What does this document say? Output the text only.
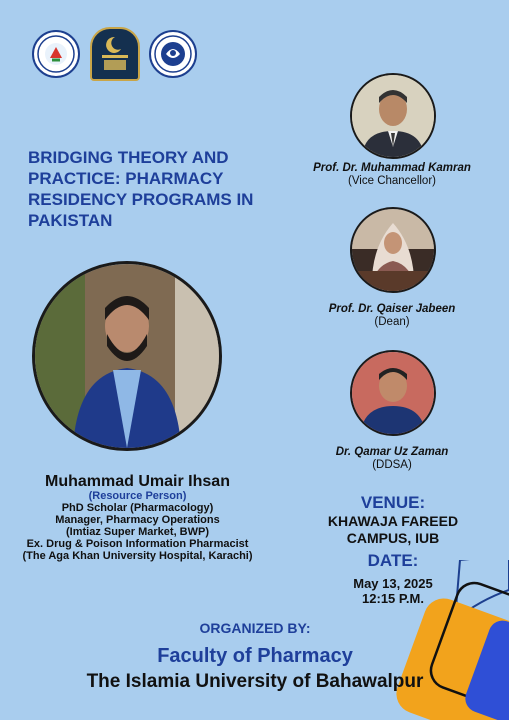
BRIDGING THEORY AND PRACTICE: PHARMACY RESIDENCY PROGRAMS IN PAKISTAN
Prof. Dr. Muhammad Kamran
(Vice Chancellor)
Prof. Dr. Qaiser Jabeen
(Dean)
Dr. Qamar Uz Zaman
(DDSA)
Muhammad Umair Ihsan
(Resource Person)
PhD Scholar (Pharmacology)
Manager, Pharmacy Operations
(Imtiaz Super Market, BWP)
Ex. Drug & Poison Information Pharmacist
(The Aga Khan University Hospital, Karachi)
VENUE:
KHAWAJA FAREED
CAMPUS, IUB
DATE:
May 13, 2025
12:15 P.M.
ORGANIZED BY:
Faculty of Pharmacy
The Islamia University of Bahawalpur
